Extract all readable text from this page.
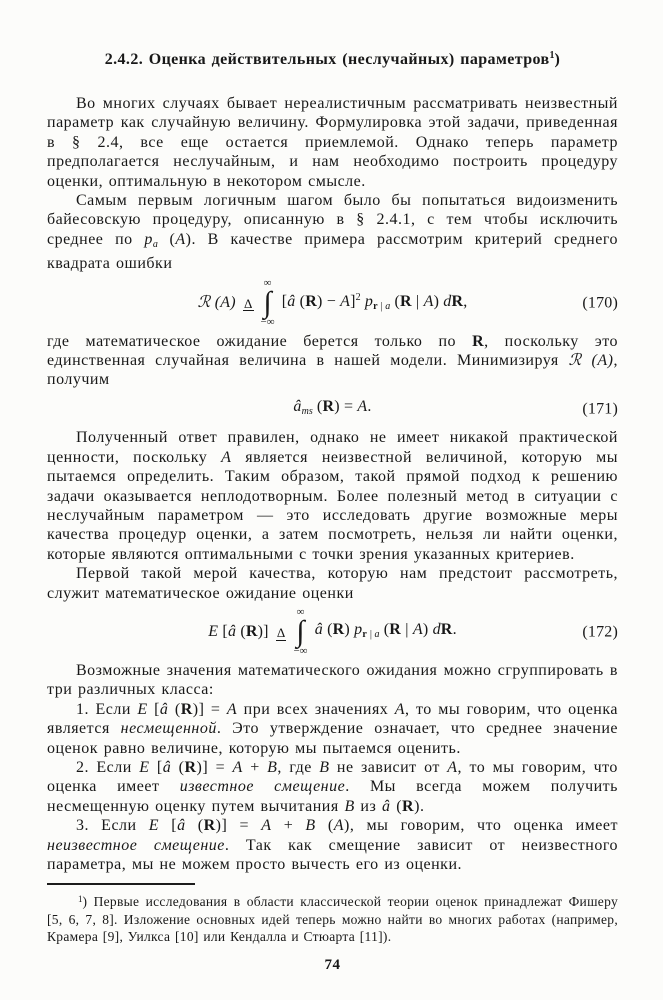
2.4.2. Оценка действительных (неслучайных) параметров$^1$)

Во многих случаях бывает нереалистичным рассматривать неизвестный параметр как случайную величину. Формулировка этой задачи, приведенная в § 2.4, все еще остается приемлемой. Однако теперь параметр предполагается неслучайным, и нам необходимо построить процедуру оценки, оптимальную в некотором смысле.

Самым первым логичным шагом было бы попытаться видоизменить байесовскую процедуру, описанную в § 2.4.1, с тем чтобы исключить среднее по pa (A). В качестве примера рассмотрим критерий среднего квадрата ошибки

ℛ (A) Δ
∞
∫
−∞
[â (R) − A]$^2$ pr | a (R | A) dR,	(170)

где математическое ожидание берется только по R, поскольку это единственная случайная величина в нашей модели. Минимизируя ℛ (A), получим

âms (R) = A.	(171)

Полученный ответ правилен, однако не имеет никакой практической ценности, поскольку A является неизвестной величиной, которую мы пытаемся определить. Таким образом, такой прямой подход к решению задачи оказывается неплодотворным. Более полезный метод в ситуации с неслучайным параметром — это исследовать другие возможные меры качества процедур оценки, а затем посмотреть, нельзя ли найти оценки, которые являются оптимальными с точки зрения указанных критериев.

Первой такой мерой качества, которую нам предстоит рассмотреть, служит математическое ожидание оценки

E [â (R)] Δ
∞
∫
−∞
â (R) pr | a (R | A) dR.	(172)

Возможные значения математического ожидания можно сгруппировать в три различных класса:

1. Если E [â (R)] = A при всех значениях A, то мы говорим, что оценка является несмещенной. Это утверждение означает, что среднее значение оценок равно величине, которую мы пытаемся оценить.

2. Если E [â (R)] = A + B, где B не зависит от A, то мы говорим, что оценка имеет известное смещение. Мы всегда можем получить несмещенную оценку путем вычитания B из â (R).

3. Если E [â (R)] = A + B (A), мы говорим, что оценка имеет неизвестное смещение. Так как смещение зависит от неизвестного параметра, мы не можем просто вычесть его из оценки.

$^1$) Первые исследования в области классической теории оценок принадлежат Фишеру [5, 6, 7, 8]. Изложение основных идей теперь можно найти во многих работах (например, Крамера [9], Уилкса [10] или Кендалла и Стюарта [11]).

74
